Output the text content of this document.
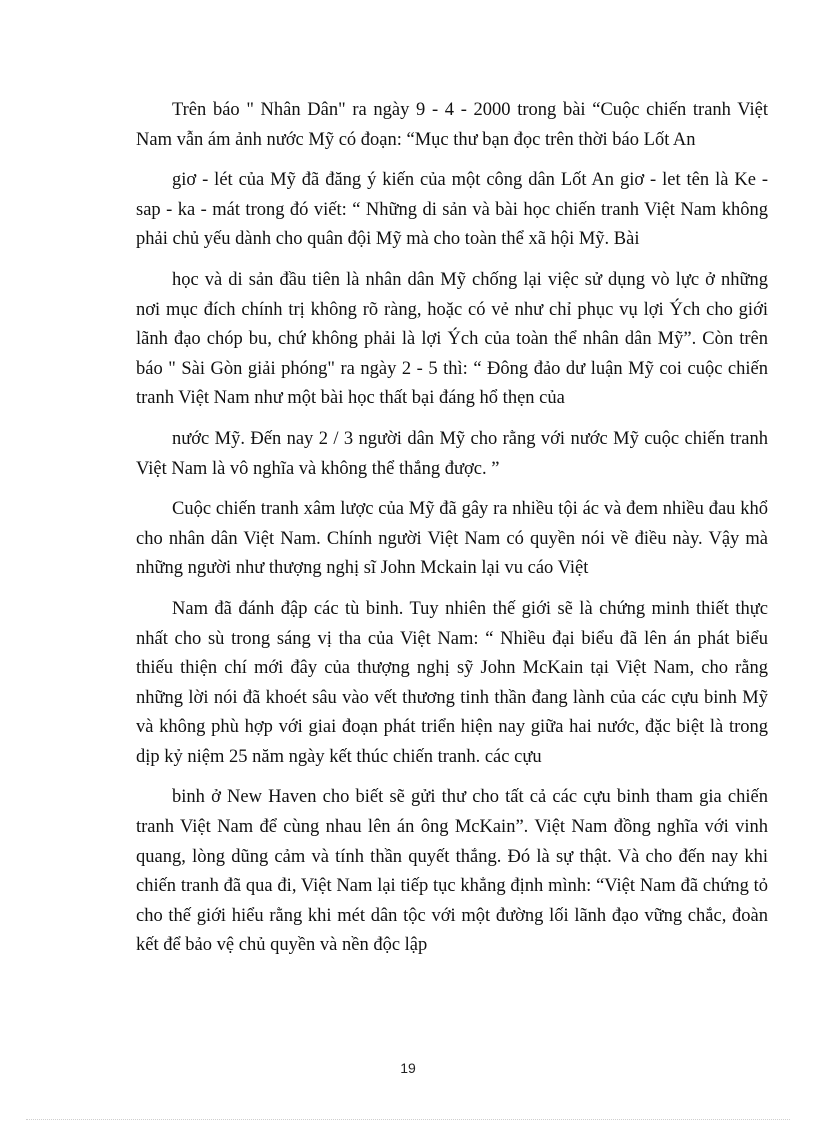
Trên báo " Nhân Dân" ra ngày 9 - 4 - 2000 trong bài “Cuộc chiến tranh Việt Nam vẫn ám ảnh nước Mỹ có đoạn: “Mục thư bạn đọc trên thời báo Lốt An

giơ - lét của Mỹ đã đăng ý kiến của một công dân Lốt An giơ - let tên là Ke - sap - ka - mát trong đó viết: “ Những di sản và bài học chiến tranh Việt Nam không phải chủ yếu dành cho quân đội Mỹ mà cho toàn thể xã hội Mỹ. Bài

học và di sản đầu tiên là nhân dân Mỹ chống lại việc sử dụng vò lực ở những nơi mục đích chính trị không rõ ràng, hoặc có vẻ như chỉ phục vụ lợi Ých cho giới lãnh đạo chóp bu, chứ không phải là lợi Ých của toàn thể nhân dân Mỹ”. Còn trên báo " Sài Gòn giải phóng" ra ngày 2 - 5 thì: “ Đông đảo dư luận Mỹ coi cuộc chiến tranh Việt Nam như một bài học thất bại đáng hổ thẹn của

nước Mỹ. Đến nay 2 / 3 người dân Mỹ cho rằng với nước Mỹ cuộc chiến tranh Việt Nam là vô nghĩa và không thể thắng được. ”

Cuộc chiến tranh xâm lược của Mỹ đã gây ra nhiều tội ác và đem nhiều đau khổ cho nhân dân Việt Nam. Chính người Việt Nam có quyền nói về điều này. Vậy mà những người như thượng nghị sĩ John Mckain lại vu cáo Việt

Nam đã đánh đập các tù binh. Tuy nhiên thế giới sẽ là chứng minh thiết thực nhất cho sù trong sáng vị tha của Việt Nam: “ Nhiều đại biểu đã lên án phát biểu thiếu thiện chí mới đây của thượng nghị sỹ John McKain tại Việt Nam, cho rằng những lời nói đã khoét sâu vào vết thương tinh thần đang lành của các cựu binh Mỹ và không phù hợp với giai đoạn phát triển hiện nay giữa hai nước, đặc biệt là trong dịp kỷ niệm 25 năm ngày kết thúc chiến tranh. các cựu

binh ở New Haven cho biết sẽ gửi thư cho tất cả các cựu binh tham gia chiến tranh Việt Nam để cùng nhau lên án ông McKain”. Việt Nam đồng nghĩa với vinh quang, lòng dũng cảm và tính thần quyết thắng. Đó là sự thật. Và cho đến nay khi chiến tranh đã qua đi, Việt Nam lại tiếp tục khẳng định mình: “Việt Nam đã chứng tỏ cho thế giới hiểu rằng khi mét dân tộc với một đường lối lãnh đạo vững chắc, đoàn kết để bảo vệ chủ quyền và nền độc lập

19
